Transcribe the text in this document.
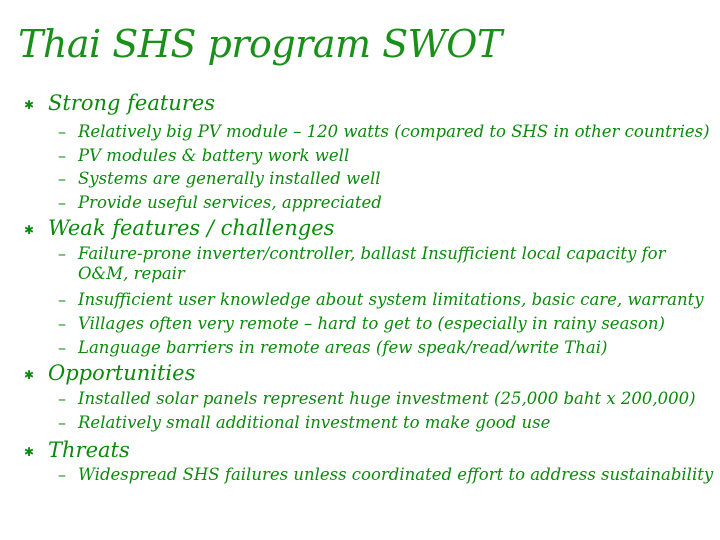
Thai SHS program SWOT
✱ Strong features
– Relatively big PV module – 120 watts (compared to SHS in other countries)
– PV modules & battery work well
– Systems are generally installed well
– Provide useful services, appreciated
✱ Weak features / challenges
– Failure-prone inverter/controller, ballast Insufficient local capacity for
O&M, repair
– Insufficient user knowledge about system limitations, basic care, warranty
– Villages often very remote – hard to get to (especially in rainy season)
– Language barriers in remote areas (few speak/read/write Thai)
✱ Opportunities
– Installed solar panels represent huge investment (25,000 baht x 200,000)
– Relatively small additional investment to make good use
✱ Threats
– Widespread SHS failures unless coordinated effort to address sustainability
